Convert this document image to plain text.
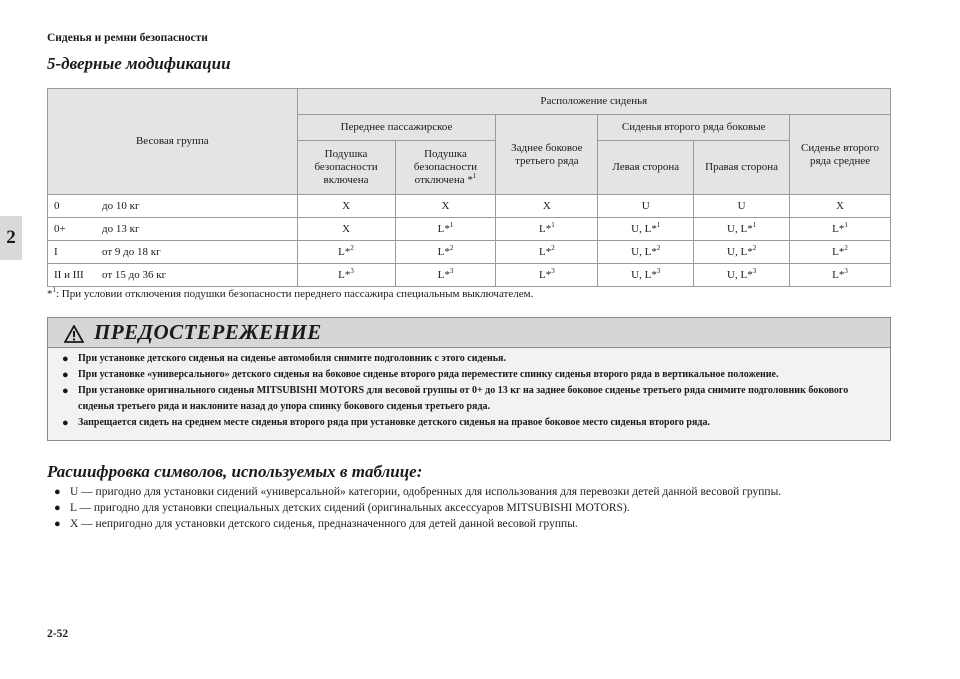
Сиденья и ремни безопасности
2
5-дверные модификации
Весовая группа	Расположение сиденья					
	Переднее пассажирское		Заднее боковое третьего ряда	Сиденья второго ряда боковые		Сиденье второго ряда среднее
	Подушка безопасности включена	Подушка безопасности отключена *$^1$		Левая сторона	Правая сторона	
0 до 10 кг	X	X	X	U	U	X
0+ до 13 кг	X	L*$^1$	L*$^1$	U, L*$^1$	U, L*$^1$	L*$^1$
I от 9 до 18 кг	L*$^2$	L*$^2$	L*$^2$	U, L*$^2$	U, L*$^2$	L*$^2$
II и III от 15 до 36 кг	L*$^3$	L*$^3$	L*$^3$	U, L*$^3$	U, L*$^3$	L*$^3$
*$^1$: При условии отключения подушки безопасности переднего пассажира специальным выключателем.
ПРЕДОСТЕРЕЖЕНИЕ
● При установке детского сиденья на сиденье автомобиля снимите подголовник с этого сиденья.
● При установке «универсального» детского сиденья на боковое сиденье второго ряда переместите спинку сиденья второго ряда в вертикальное положение.
● При установке оригинального сиденья MITSUBISHI MOTORS для весовой группы от 0+ до 13 кг на заднее боковое сиденье третьего ряда снимите подголовник бокового сиденья третьего ряда и наклоните назад до упора спинку бокового сиденья третьего ряда.
● Запрещается сидеть на среднем месте сиденья второго ряда при установке детского сиденья на правое боковое место сиденья второго ряда.
Расшифровка символов, используемых в таблице:
● U — пригодно для установки сидений «универсальной» категории, одобренных для использования для перевозки детей данной весовой группы.
● L — пригодно для установки специальных детских сидений (оригинальных аксессуаров MITSUBISHI MOTORS).
● X — непригодно для установки детского сиденья, предназначенного для детей данной весовой группы.
2-52
